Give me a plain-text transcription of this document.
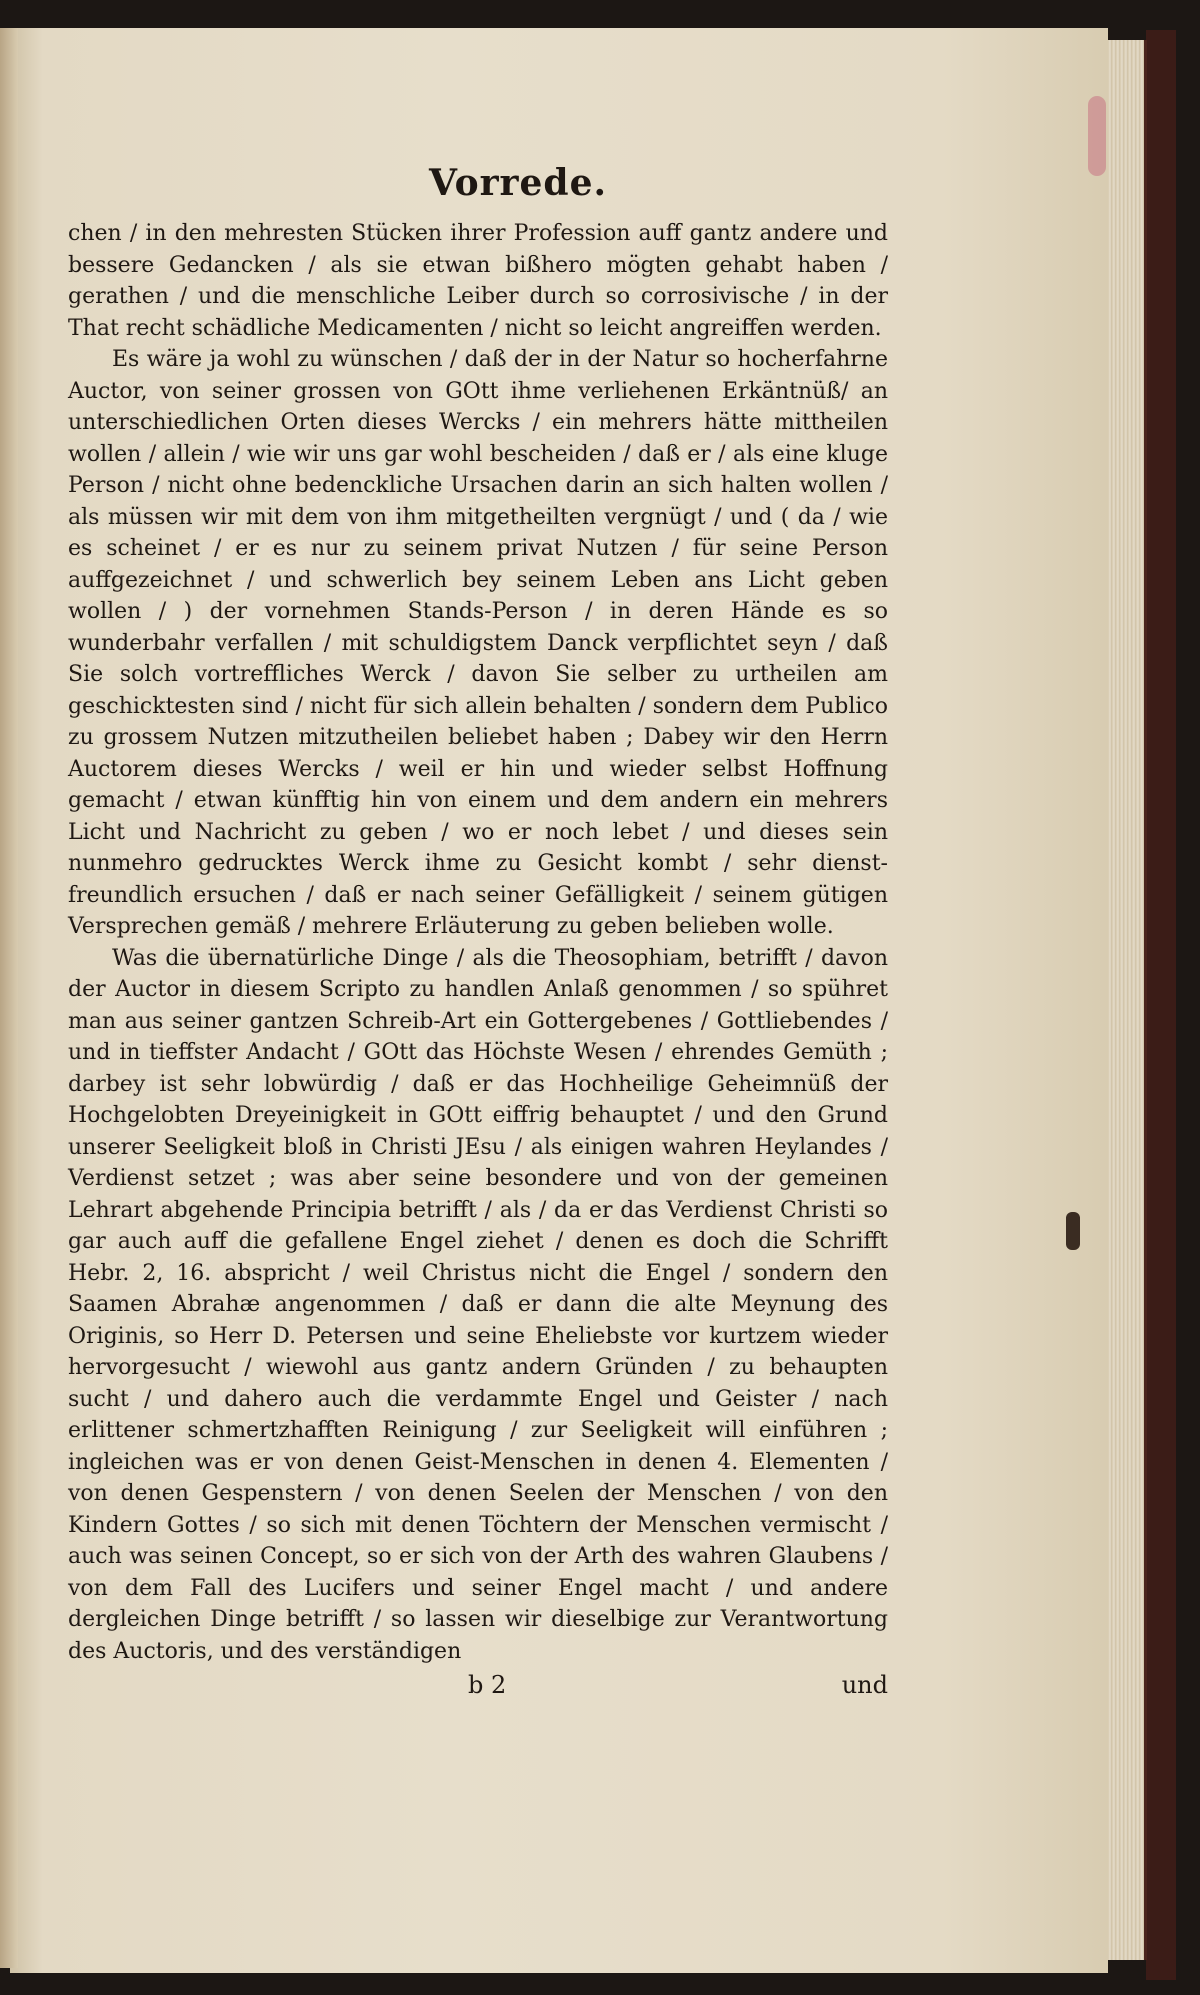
Vorrede.

chen / in den mehresten Stücken ihrer Profession auff gantz andere und bessere Gedancken / als sie etwan bißhero mögten gehabt haben / gerathen / und die menschliche Leiber durch so corrosivische / in der That recht schädliche Medicamenten / nicht so leicht angreiffen werden.

Es wäre ja wohl zu wünschen / daß der in der Natur so hocherfahrne Auctor, von seiner grossen von GOtt ihme verliehenen Erkäntnüß/ an unterschiedlichen Orten dieses Wercks / ein mehrers hätte mittheilen wollen / allein / wie wir uns gar wohl bescheiden / daß er / als eine kluge Person / nicht ohne bedenckliche Ursachen darin an sich halten wollen / als müssen wir mit dem von ihm mitgetheilten vergnügt / und ( da / wie es scheinet / er es nur zu seinem privat Nutzen / für seine Person auffgezeichnet / und schwerlich bey seinem Leben ans Licht geben wollen / ) der vornehmen Stands-Person / in deren Hände es so wunderbahr verfallen / mit schuldigstem Danck verpflichtet seyn / daß Sie solch vortreffliches Werck / davon Sie selber zu urtheilen am geschicktesten sind / nicht für sich allein behalten / sondern dem Publico zu grossem Nutzen mitzutheilen beliebet haben ; Dabey wir den Herrn Auctorem dieses Wercks / weil er hin und wieder selbst Hoffnung gemacht / etwan künfftig hin von einem und dem andern ein mehrers Licht und Nachricht zu geben / wo er noch lebet / und dieses sein nunmehro gedrucktes Werck ihme zu Gesicht kombt / sehr dienst-freundlich ersuchen / daß er nach seiner Gefälligkeit / seinem gütigen Versprechen gemäß / mehrere Erläuterung zu geben belieben wolle.

Was die übernatürliche Dinge / als die Theosophiam, betrifft / davon der Auctor in diesem Scripto zu handlen Anlaß genommen / so spühret man aus seiner gantzen Schreib-Art ein Gottergebenes / Gottliebendes / und in tieffster Andacht / GOtt das Höchste Wesen / ehrendes Gemüth ; darbey ist sehr lobwürdig / daß er das Hochheilige Geheimnüß der Hochgelobten Dreyeinigkeit in GOtt eiffrig behauptet / und den Grund unserer Seeligkeit bloß in Christi JEsu / als einigen wahren Heylandes / Verdienst setzet ; was aber seine besondere und von der gemeinen Lehrart abgehende Principia betrifft / als / da er das Verdienst Christi so gar auch auff die gefallene Engel ziehet / denen es doch die Schrifft Hebr. 2, 16. abspricht / weil Christus nicht die Engel / sondern den Saamen Abrahæ angenommen / daß er dann die alte Meynung des Originis, so Herr D. Petersen und seine Eheliebste vor kurtzem wieder hervorgesucht / wiewohl aus gantz andern Gründen / zu behaupten sucht / und dahero auch die verdammte Engel und Geister / nach erlittener schmertzhafften Reinigung / zur Seeligkeit will einführen ; ingleichen was er von denen Geist-Menschen in denen 4. Elementen / von denen Gespenstern / von denen Seelen der Menschen / von den Kindern Gottes / so sich mit denen Töchtern der Menschen vermischt / auch was seinen Concept, so er sich von der Arth des wahren Glaubens / von dem Fall des Lucifers und seiner Engel macht / und andere dergleichen Dinge betrifft / so lassen wir dieselbige zur Verantwortung des Auctoris, und des verständigen

b 2	und
